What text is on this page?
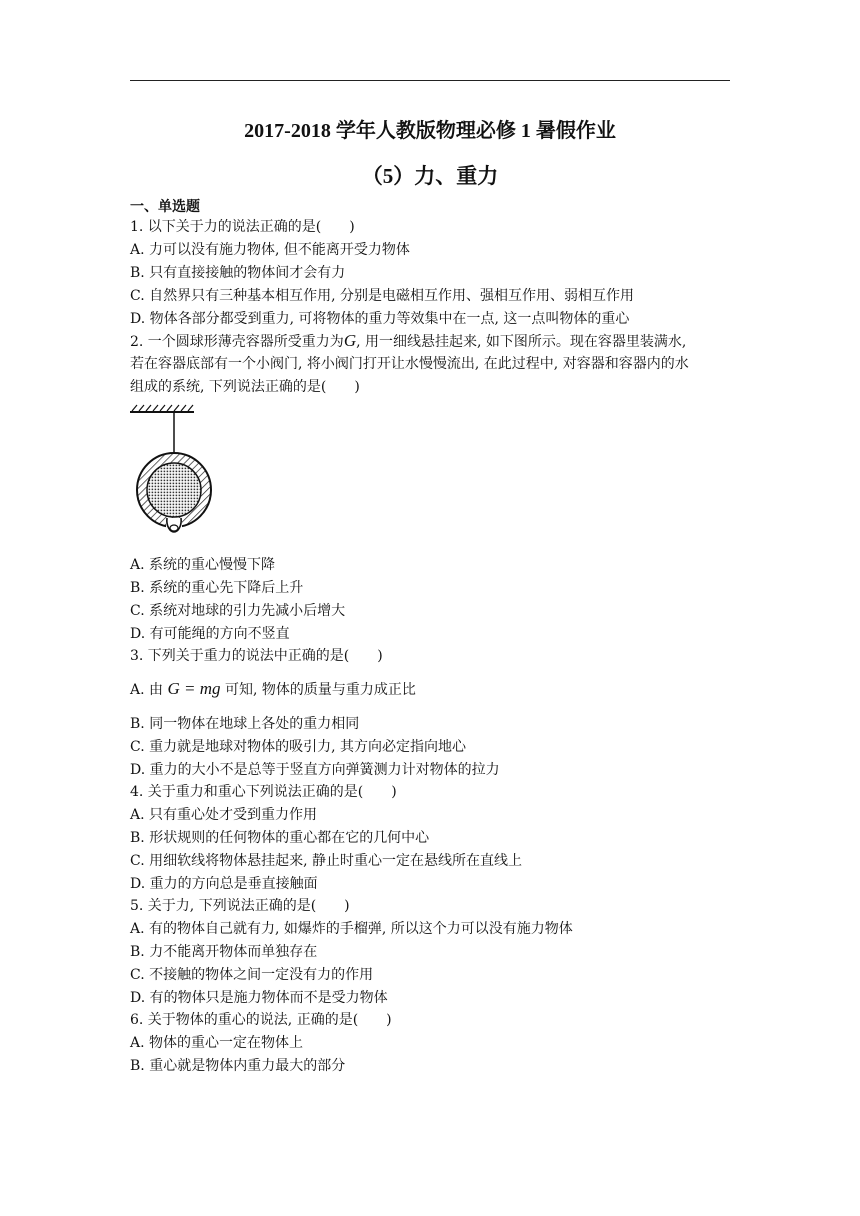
2017-2018 学年人教版物理必修 1 暑假作业
（5）力、重力
一、单选题
1. 以下关于力的说法正确的是(　　)
A. 力可以没有施力物体, 但不能离开受力物体
B. 只有直接接触的物体间才会有力
C. 自然界只有三种基本相互作用, 分别是电磁相互作用、强相互作用、弱相互作用
D. 物体各部分都受到重力, 可将物体的重力等效集中在一点, 这一点叫物体的重心
2. 一个圆球形薄壳容器所受重力为G, 用一细线悬挂起来, 如下图所示。现在容器里装满水,
若在容器底部有一个小阀门, 将小阀门打开让水慢慢流出, 在此过程中, 对容器和容器内的水
组成的系统, 下列说法正确的是(　　)
A. 系统的重心慢慢下降
B. 系统的重心先下降后上升
C. 系统对地球的引力先减小后增大
D. 有可能绳的方向不竖直
3. 下列关于重力的说法中正确的是(　　)
A. 由 G = mg 可知, 物体的质量与重力成正比
B. 同一物体在地球上各处的重力相同
C. 重力就是地球对物体的吸引力, 其方向必定指向地心
D. 重力的大小不是总等于竖直方向弹簧测力计对物体的拉力
4. 关于重力和重心下列说法正确的是(　　)
A. 只有重心处才受到重力作用
B. 形状规则的任何物体的重心都在它的几何中心
C. 用细软线将物体悬挂起来, 静止时重心一定在悬线所在直线上
D. 重力的方向总是垂直接触面
5. 关于力, 下列说法正确的是(　　)
A. 有的物体自己就有力, 如爆炸的手榴弹, 所以这个力可以没有施力物体
B. 力不能离开物体而单独存在
C. 不接触的物体之间一定没有力的作用
D. 有的物体只是施力物体而不是受力物体
6. 关于物体的重心的说法, 正确的是(　　)
A. 物体的重心一定在物体上
B. 重心就是物体内重力最大的部分
